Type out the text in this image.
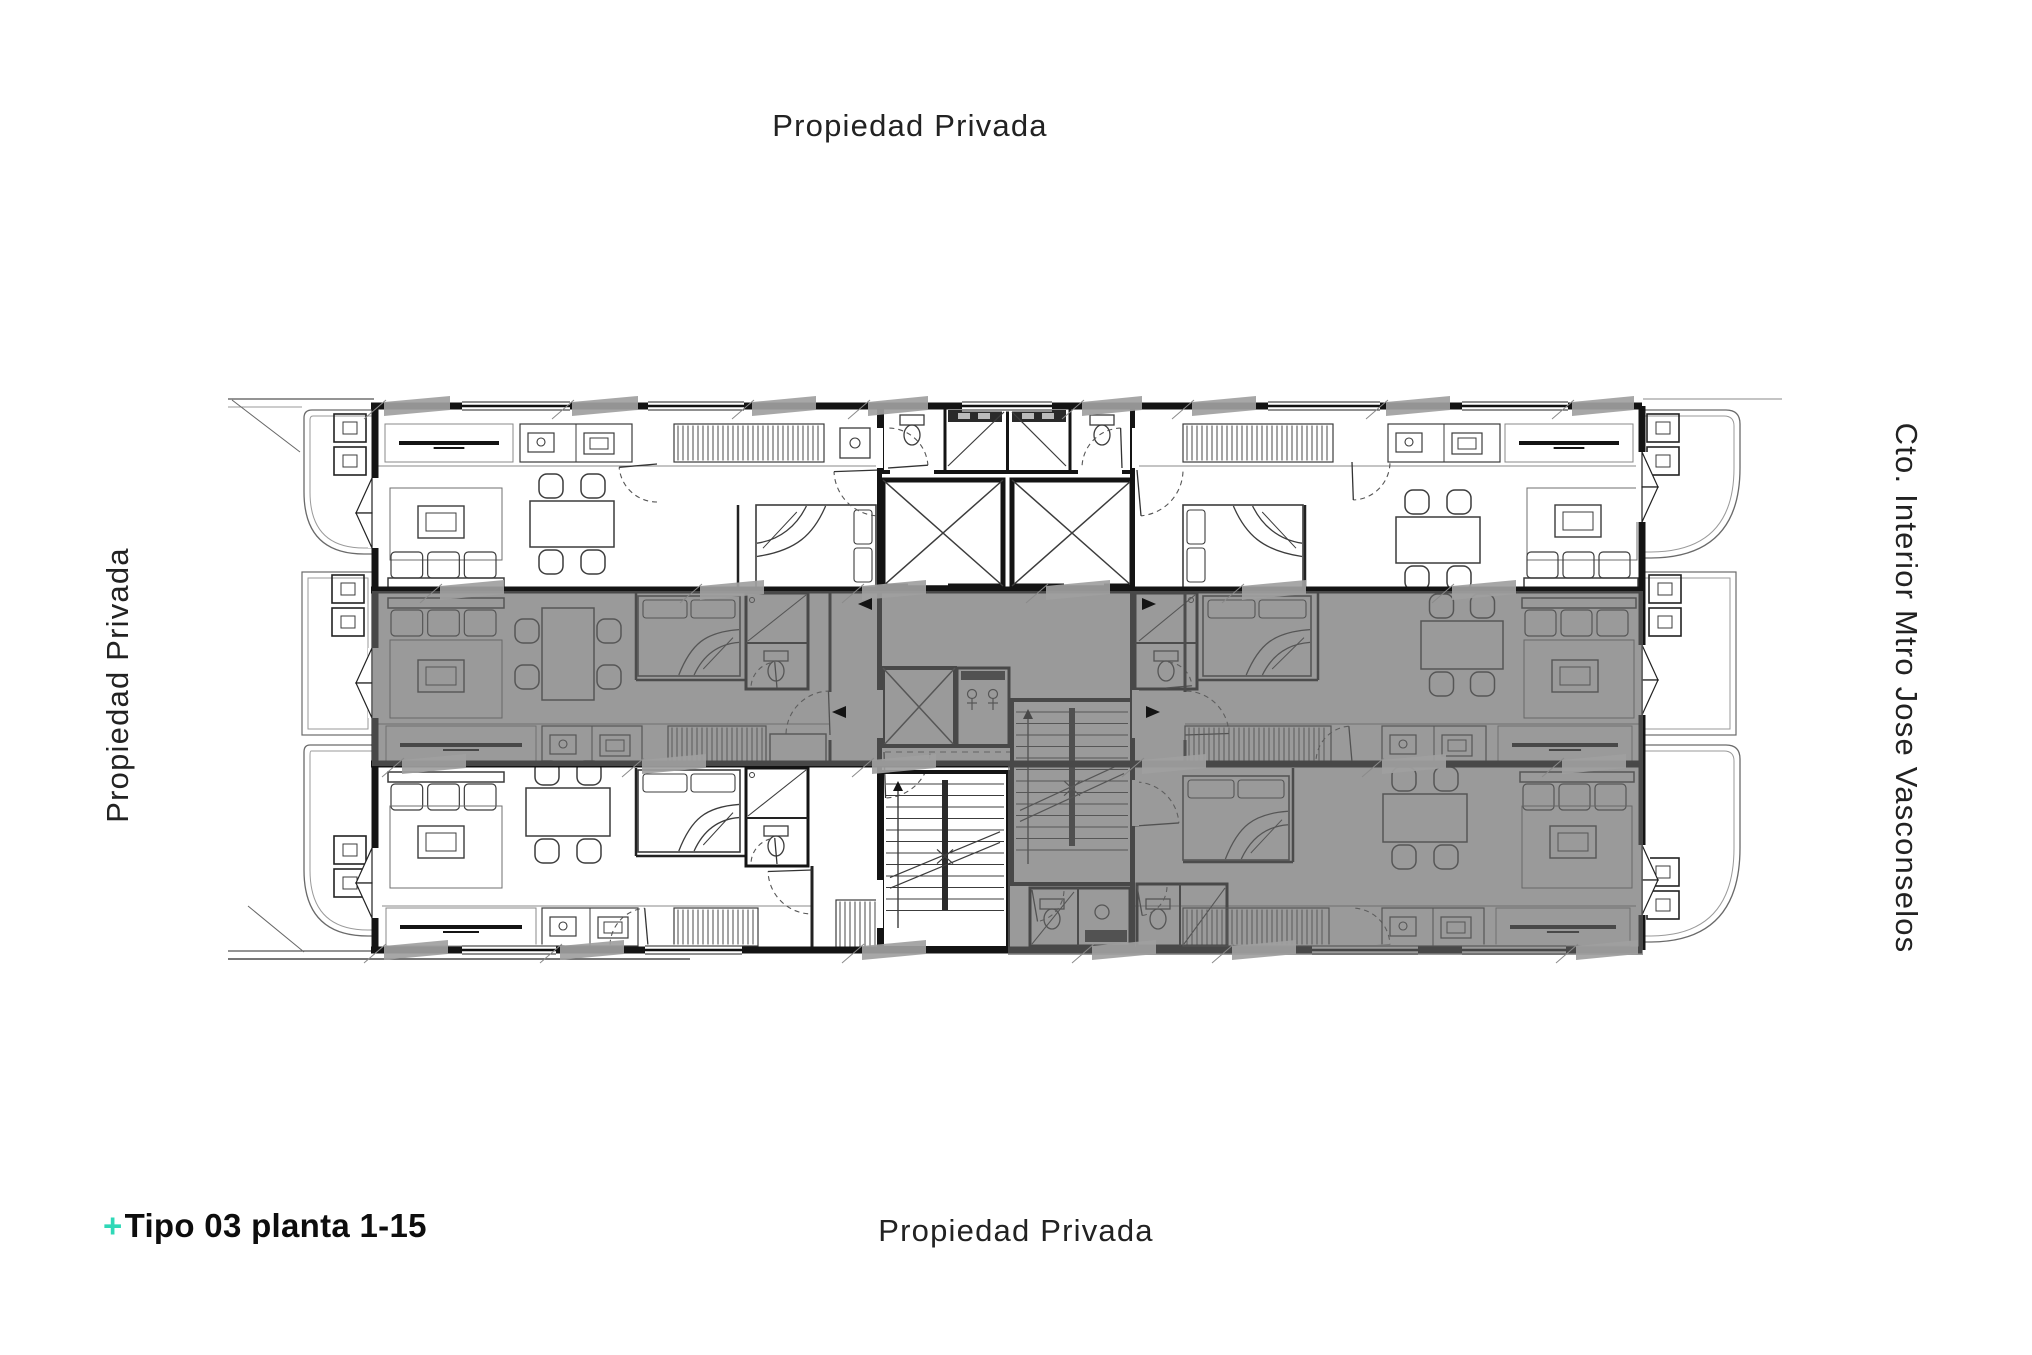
Propiedad Privada
Propiedad Privada
Propiedad Privada	Cto. Interior Mtro Jose Vasconselos
+Tipo 03 planta 1-15
